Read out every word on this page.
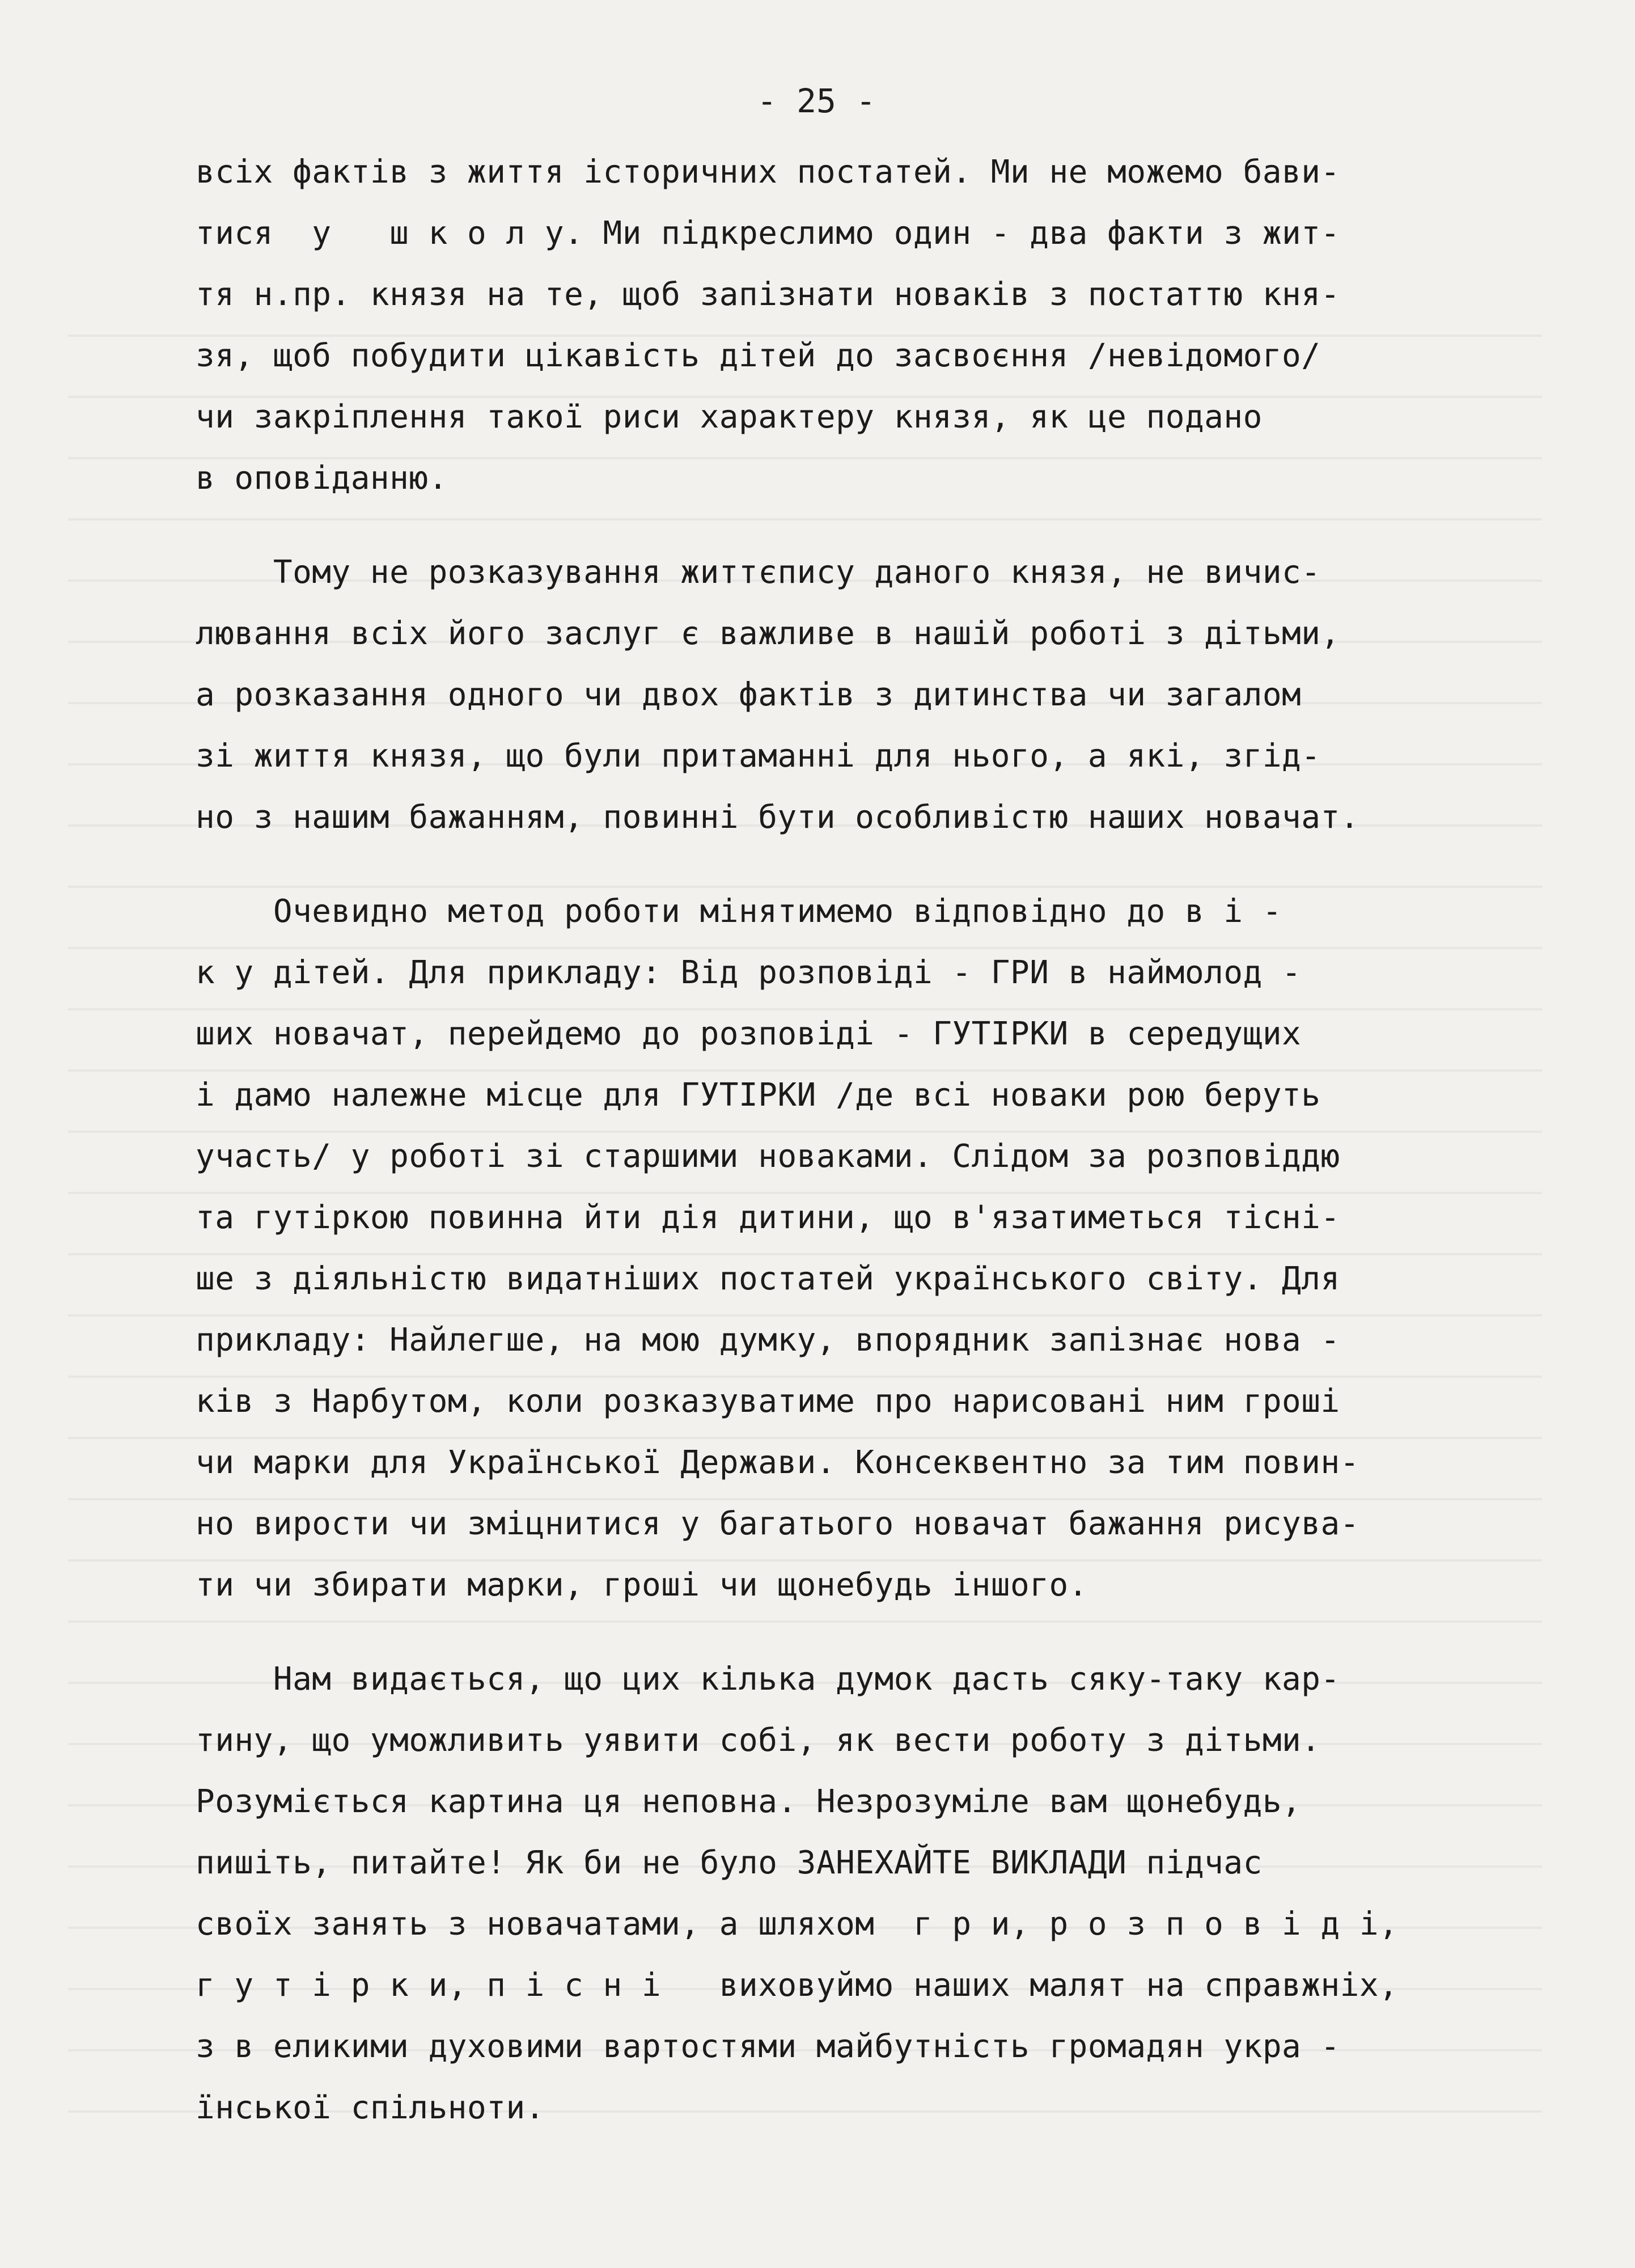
- 25 -
всіх фактів з життя історичних постатей. Ми не можемо бави-
тися  у   ш к о л у. Ми підкреслимо один - два факти з жит-
тя н.пр. князя на те, щоб запізнати новаків з постаттю кня-
зя, щоб побудити цікавість дітей до засвоєння /невідомого/
чи закріплення такої риси характеру князя, як це подано
в оповіданню.
Тому не розказування життєпису даного князя, не вичис-
лювання всіх його заслуг є важливе в нашій роботі з дітьми,
а розказання одного чи двох фактів з дитинства чи загалом
зі життя князя, що були притаманні для нього, а які, згід-
но з нашим бажанням, повинні бути особливістю наших новачат.
Очевидно метод роботи мінятимемо відповідно до в і -
к у дітей. Для прикладу: Від розповіді - ГРИ в наймолод -
ших новачат, перейдемо до розповіді - ГУТІРКИ в середущих
і дамо належне місце для ГУТІРКИ /де всі новаки рою беруть
участь/ у роботі зі старшими новаками. Слідом за розповіддю
та гутіркою повинна йти дія дитини, що в'язатиметься тісні-
ше з діяльністю видатніших постатей українського світу. Для
прикладу: Найлегше, на мою думку, впорядник запізнає нова -
ків з Нарбутом, коли розказуватиме про нарисовані ним гроші
чи марки для Української Держави. Консеквентно за тим повин-
но вирости чи зміцнитися у багатього новачат бажання рисува-
ти чи збирати марки, гроші чи щонебудь іншого.
Нам видається, що цих кілька думок дасть сяку-таку кар-
тину, що уможливить уявити собі, як вести роботу з дітьми.
Розуміється картина ця неповна. Незрозуміле вам щонебудь,
пишіть, питайте! Як би не було ЗАНЕХАЙТЕ ВИКЛАДИ підчас
своїх занять з новачатами, а шляхом  г р и, р о з п о в і д і,
г у т і р к и, п і с н і   виховуймо наших малят на справжніх,
з в еликими духовими вартостями майбутність громадян укра -
їнської спільноти.
